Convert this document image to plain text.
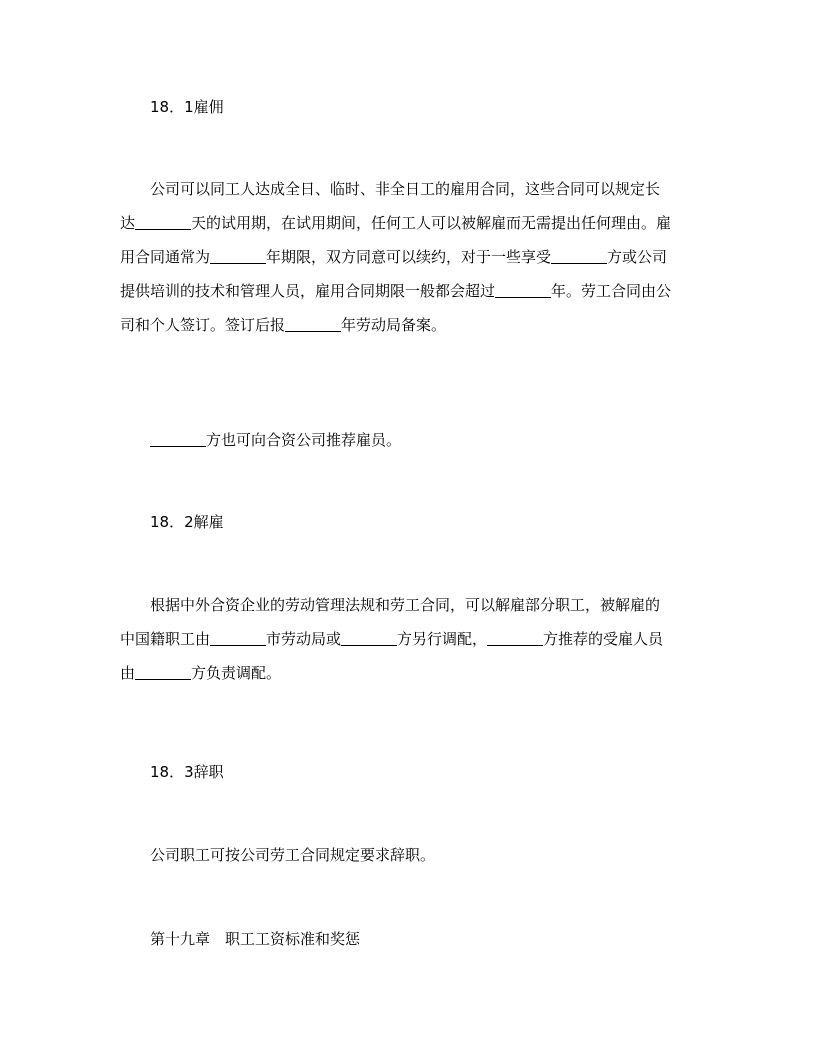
18．1雇佣
公司可以同工人达成全日、临时、非全日工的雇用合同，这些合同可以规定长
达	天的试用期，在试用期间，任何工人可以被解雇而无需提出任何理由。雇
用合同通常为	年期限，双方同意可以续约，对于一些享受	方或公司
提供培训的技术和管理人员，雇用合同期限一般都会超过	年。劳工合同由公
司和个人签订。签订后报	年劳动局备案。
方也可向合资公司推荐雇员。
18．2解雇
根据中外合资企业的劳动管理法规和劳工合同，可以解雇部分职工，被解雇的
中国籍职工由	市劳动局或	方另行调配，	方推荐的受雇人员
由	方负责调配。
18．3辞职
公司职工可按公司劳工合同规定要求辞职。
第十九章　职工工资标准和奖惩
